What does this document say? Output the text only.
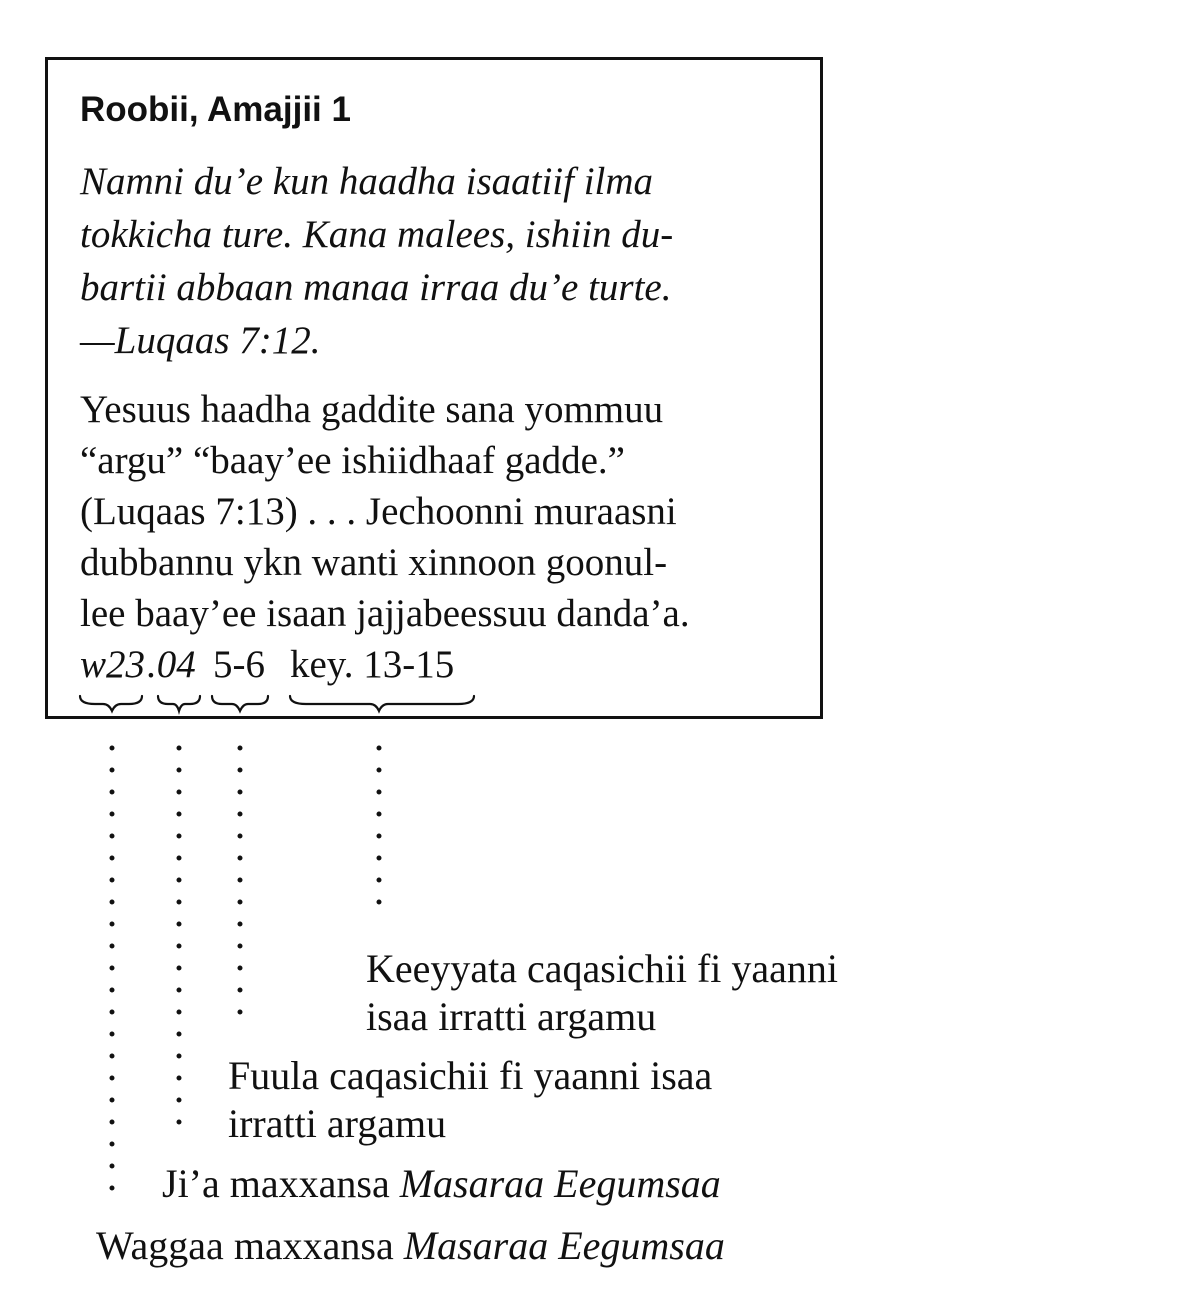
Roobii, Amajjii 1

Namni du’e kun haadha isaatiif ilma
tokkicha ture. Kana malees, ishiin du-
bartii abbaan manaa irraa du’e turte.
—Luqaas 7:12.

Yesuus haadha gaddite sana yommuu
“argu” “baay’ee ishiidhaaf gadde.”
(Luqaas 7:13) . . . Jechoonni muraasni
dubbannu ykn wanti xinnoon goonul-
lee baay’ee isaan jajjabeessuu danda’a.

w23 .04 5-6 key. 13-15
Keeyyata caqasichii fi yaanni
isaa irratti argamu
Fuula caqasichii fi yaanni isaa
irratti argamu
Ji’a maxxansa Masaraa Eegumsaa
Waggaa maxxansa Masaraa Eegumsaa
